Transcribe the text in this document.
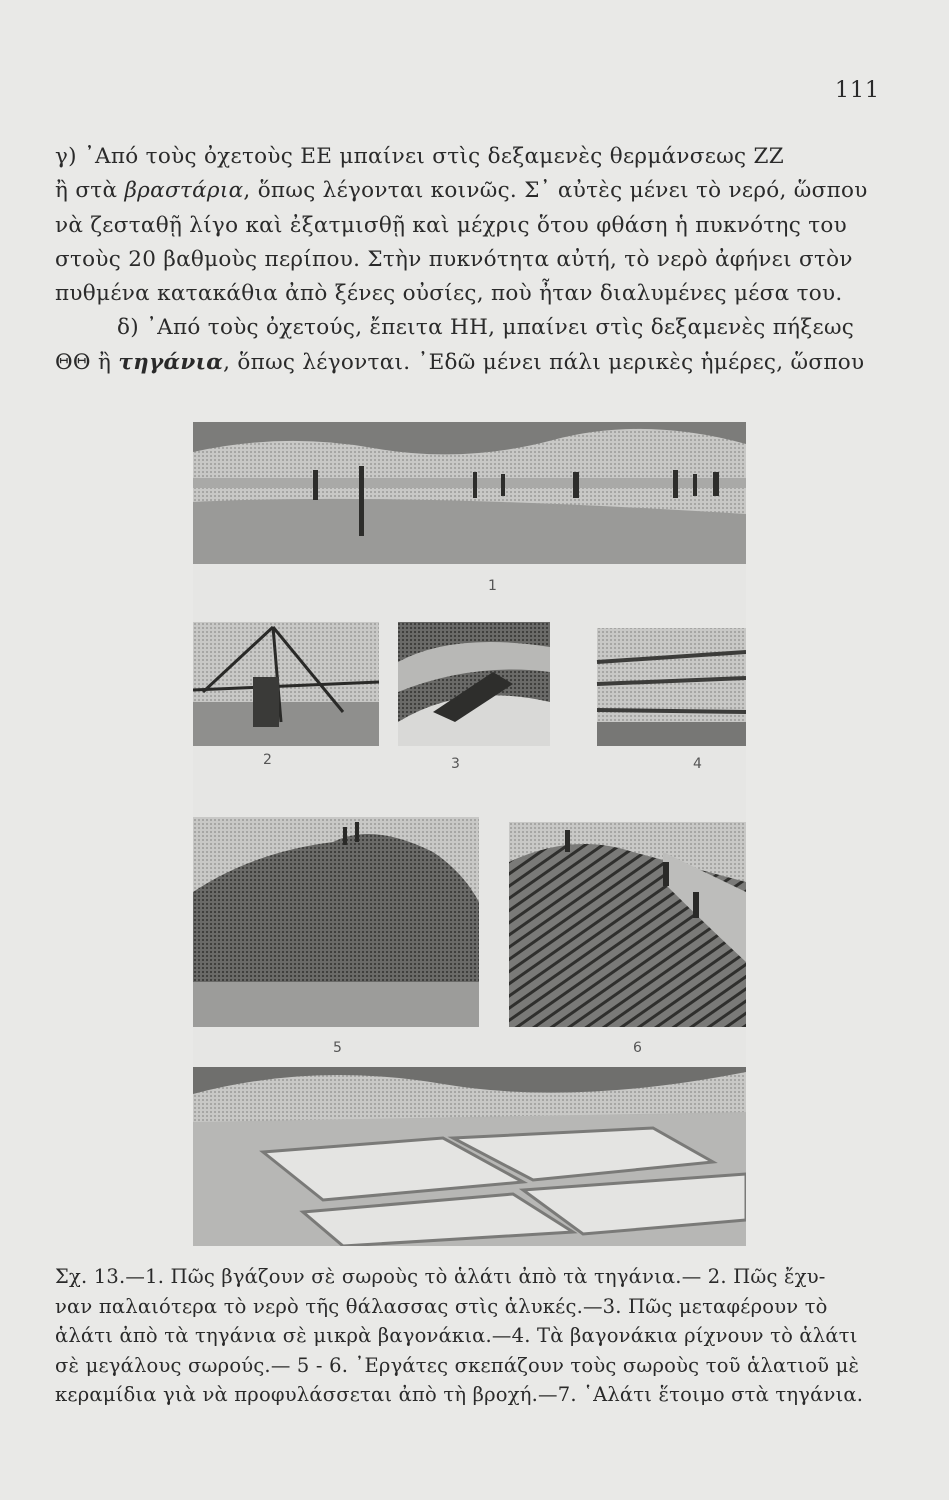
111
γ) ᾿Από τοὺς ὀχετοὺς ΕΕ μπαίνει στὶς δεξαμενὲς θερμάνσεως ΖΖ
ἢ στὰ βραστάρια, ὅπως λέγονται κοινῶς. Σ᾿ αὐτὲς μένει τὸ νερό, ὥσπου
νὰ ζεσταθῇ λίγο καὶ ἐξατμισθῇ καὶ μέχρις ὅτου φθάση ἡ πυκνότης του
στοὺς 20 βαθμοὺς περίπου. Στὴν πυκνότητα αὐτή, τὸ νερὸ ἀφήνει στὸν
πυθμένα κατακάθια ἀπὸ ξένες οὐσίες, ποὺ ἦταν διαλυμένες μέσα του.
δ) ᾿Από τοὺς ὀχετούς, ἔπειτα ΗΗ, μπαίνει στὶς δεξαμενὲς πήξεως
ΘΘ ἢ τηγάνια, ὅπως λέγονται. ᾿Εδῶ μένει πάλι μερικὲς ἡμέρες, ὥσπου
1
2	3	4
5	6
Σχ. 13.—1. Πῶς βγάζουν σὲ σωροὺς τὸ ἁλάτι ἀπὸ τὰ τηγάνια.— 2. Πῶς ἔχυ-
ναν παλαιότερα τὸ νερὸ τῆς θάλασσας στὶς ἁλυκές.—3. Πῶς μεταφέρουν τὸ
ἁλάτι ἀπὸ τὰ τηγάνια σὲ μικρὰ βαγονάκια.—4. Τὰ βαγονάκια ρίχνουν τὸ ἁλάτι
σὲ μεγάλους σωρούς.— 5 - 6. ᾿Εργάτες σκεπάζουν τοὺς σωροὺς τοῦ ἁλατιοῦ μὲ
κεραμίδια γιὰ νὰ προφυλάσσεται ἀπὸ τὴ βροχή.—7. ῾Αλάτι ἕτοιμο στὰ τηγάνια.
